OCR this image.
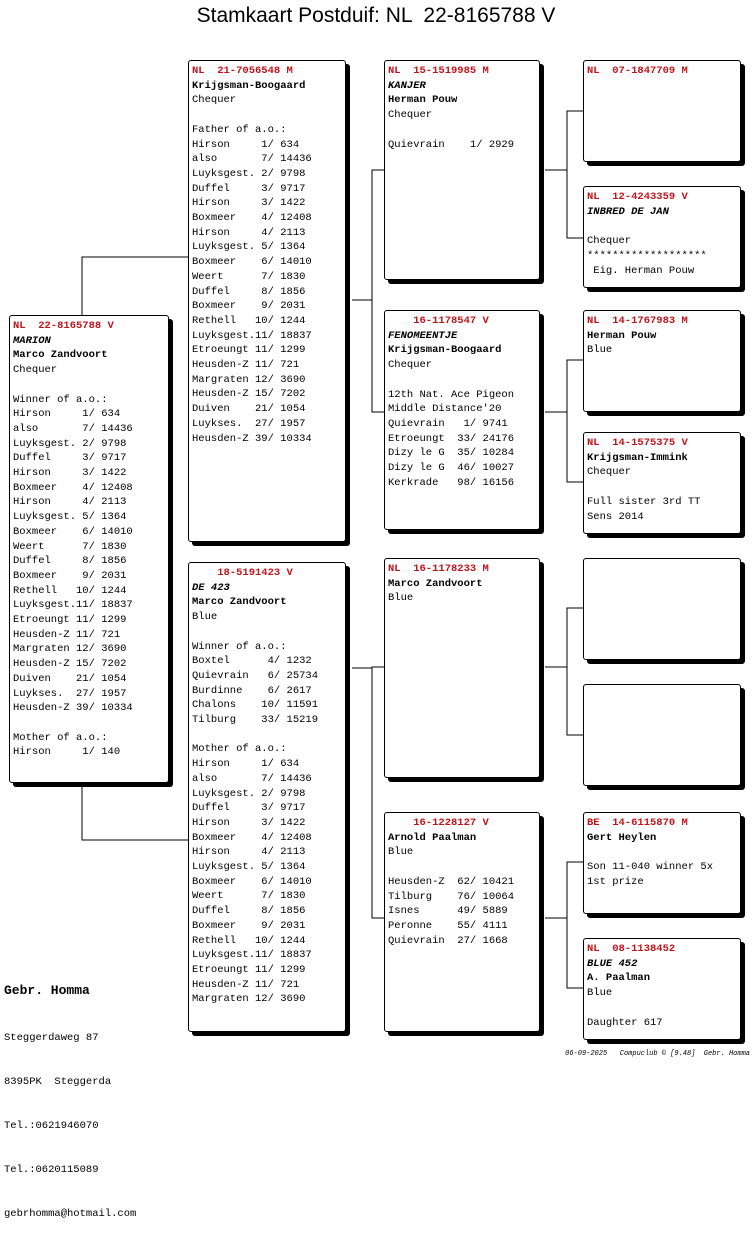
Stamkaart Postduif: NL  22-8165788 V
NL  22-8165788 V
MARION
Marco Zandvoort
Chequer
Winner of a.o.:
Hirson     1/ 634
also       7/ 14436
Luyksgest. 2/ 9798
Duffel     3/ 9717
Hirson     3/ 1422
Boxmeer    4/ 12408
Hirson     4/ 2113
Luyksgest. 5/ 1364
Boxmeer    6/ 14010
Weert      7/ 1830
Duffel     8/ 1856
Boxmeer    9/ 2031
Rethell   10/ 1244
Luyksgest.11/ 18837
Etroeungt 11/ 1299
Heusden-Z 11/ 721
Margraten 12/ 3690
Heusden-Z 15/ 7202
Duiven    21/ 1054
Luykses.  27/ 1957
Heusden-Z 39/ 10334
Mother of a.o.:
Hirson     1/ 140
NL  21-7056548 M
Krijgsman-Boogaard
Chequer
Father of a.o.:
Hirson     1/ 634
also       7/ 14436
Luyksgest. 2/ 9798
Duffel     3/ 9717
Hirson     3/ 1422
Boxmeer    4/ 12408
Hirson     4/ 2113
Luyksgest. 5/ 1364
Boxmeer    6/ 14010
Weert      7/ 1830
Duffel     8/ 1856
Boxmeer    9/ 2031
Rethell   10/ 1244
Luyksgest.11/ 18837
Etroeungt 11/ 1299
Heusden-Z 11/ 721
Margraten 12/ 3690
Heusden-Z 15/ 7202
Duiven    21/ 1054
Luykses.  27/ 1957
Heusden-Z 39/ 10334
18-5191423 V
DE 423
Marco Zandvoort
Blue
Winner of a.o.:
Boxtel      4/ 1232
Quievrain   6/ 25734
Burdinne    6/ 2617
Chalons    10/ 11591
Tilburg    33/ 15219
Mother of a.o.:
Hirson     1/ 634
also       7/ 14436
Luyksgest. 2/ 9798
Duffel     3/ 9717
Hirson     3/ 1422
Boxmeer    4/ 12408
Hirson     4/ 2113
Luyksgest. 5/ 1364
Boxmeer    6/ 14010
Weert      7/ 1830
Duffel     8/ 1856
Boxmeer    9/ 2031
Rethell   10/ 1244
Luyksgest.11/ 18837
Etroeungt 11/ 1299
Heusden-Z 11/ 721
Margraten 12/ 3690
NL  15-1519985 M
KANJER
Herman Pouw
Chequer
Quievrain    1/ 2929
16-1178547 V
FENOMEENTJE
Krijgsman-Boogaard
Chequer
12th Nat. Ace Pigeon
Middle Distance'20
Quievrain   1/ 9741
Etroeungt  33/ 24176
Dizy le G  35/ 10284
Dizy le G  46/ 10027
Kerkrade   98/ 16156
NL  16-1178233 M
Marco Zandvoort
Blue
16-1228127 V
Arnold Paalman
Blue
Heusden-Z  62/ 10421
Tilburg    76/ 10064
Isnes      49/ 5889
Peronne    55/ 4111
Quievrain  27/ 1668
NL  07-1847709 M
NL  12-4243359 V
INBRED DE JAN
Chequer
*******************
Eig. Herman Pouw
NL  14-1767983 M
Herman Pouw
Blue
NL  14-1575375 V
Krijgsman-Immink
Chequer
Full sister 3rd TT
Sens 2014
BE  14-6115870 M
Gert Heylen
Son 11-040 winner 5x
1st prize
NL  08-1138452
BLUE 452
A. Paalman
Blue
Daughter 617

Gebr. Homma

Steggerdaweg 87

8395PK  Steggerda

Tel.:0621946070

Tel.:0620115089

gebrhomma@hotmail.com

06-09-2025   Compuclub © [9.48]  Gebr. Homma
